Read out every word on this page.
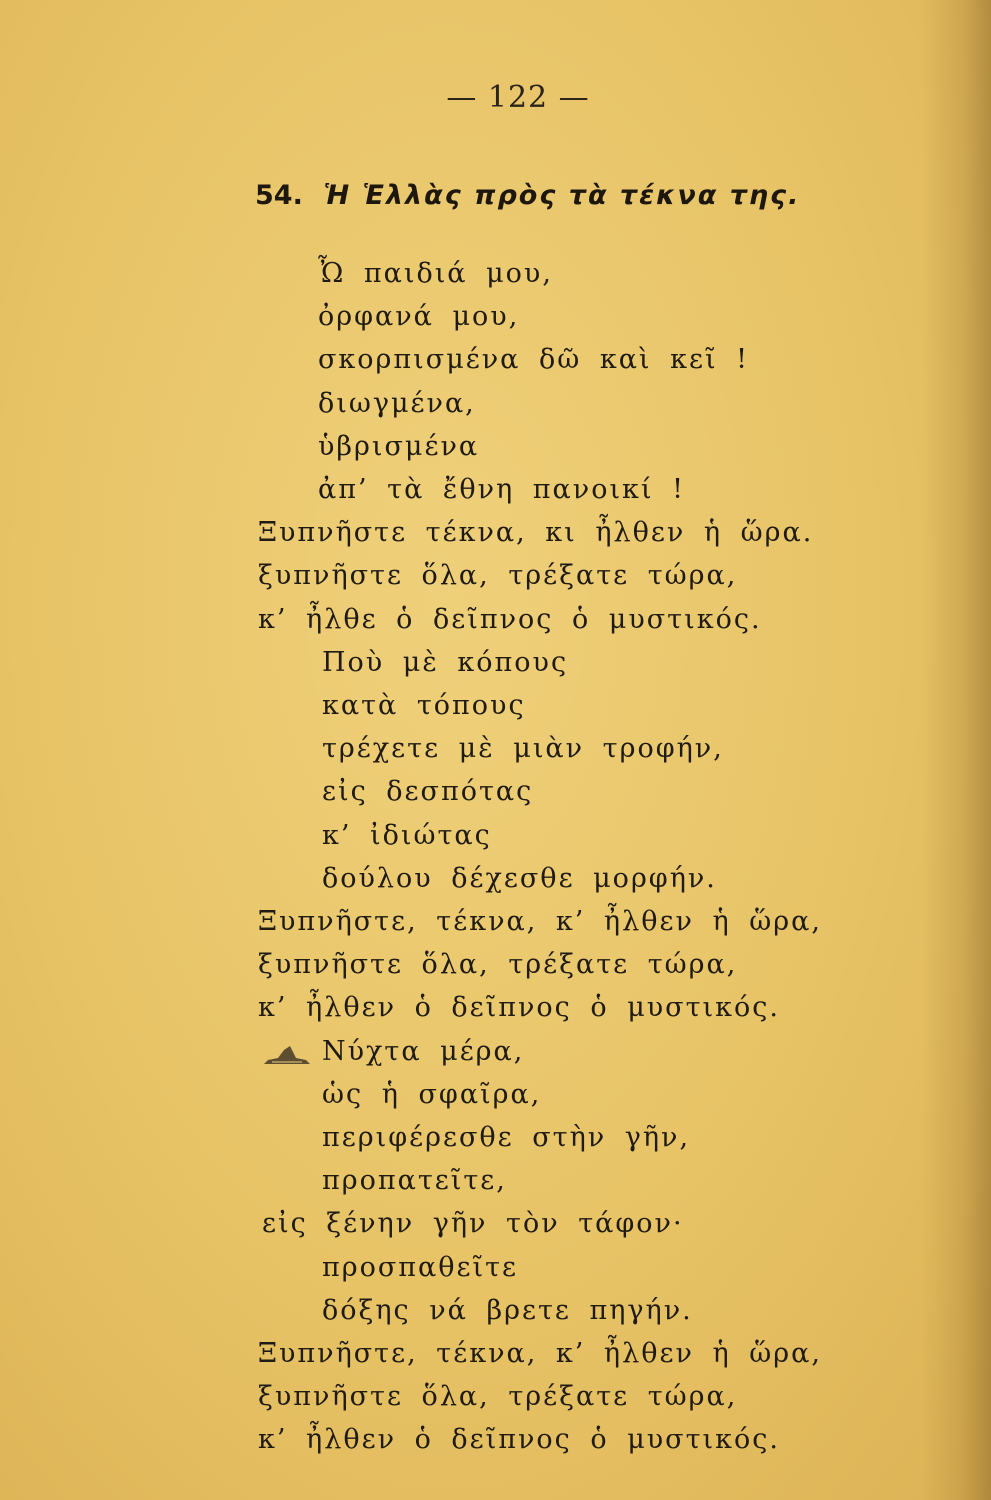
— 122 —
54. Ἡ Ἑλλὰς πρὸς τὰ τέκνα της.
Ὦ παιδιά μου,
ὀρφανά μου,
σκορπισμένα δῶ καὶ κεῖ !
διωγμένα,
ὑβρισμένα
ἀπ’ τὰ ἔθνη πανοικί !
Ξυπνῆστε τέκνα, κι ἦλθεν ἡ ὥρα.
ξυπνῆστε ὅλα, τρέξατε τώρα,
κ’ ἦλθε ὁ δεῖπνος ὁ μυστικός.
Ποὺ μὲ κόπους
κατὰ τόπους
τρέχετε μὲ μιὰν τροφήν,
εἰς δεσπότας
κ’ ἰδιώτας
δούλου δέχεσθε μορφήν.
Ξυπνῆστε, τέκνα, κ’ ἦλθεν ἡ ὥρα,
ξυπνῆστε ὅλα, τρέξατε τώρα,
κ’ ἦλθεν ὁ δεῖπνος ὁ μυστικός.
Νύχτα μέρα,
ὡς ἡ σφαῖρα,
περιφέρεσθε στὴν γῆν,
προπατεῖτε,
εἰς ξένην γῆν τὸν τάφον·
προσπαθεῖτε
δόξης νά βρετε πηγήν.
Ξυπνῆστε, τέκνα, κ’ ἦλθεν ἡ ὥρα,
ξυπνῆστε ὅλα, τρέξατε τώρα,
κ’ ἦλθεν ὁ δεῖπνος ὁ μυστικός.
